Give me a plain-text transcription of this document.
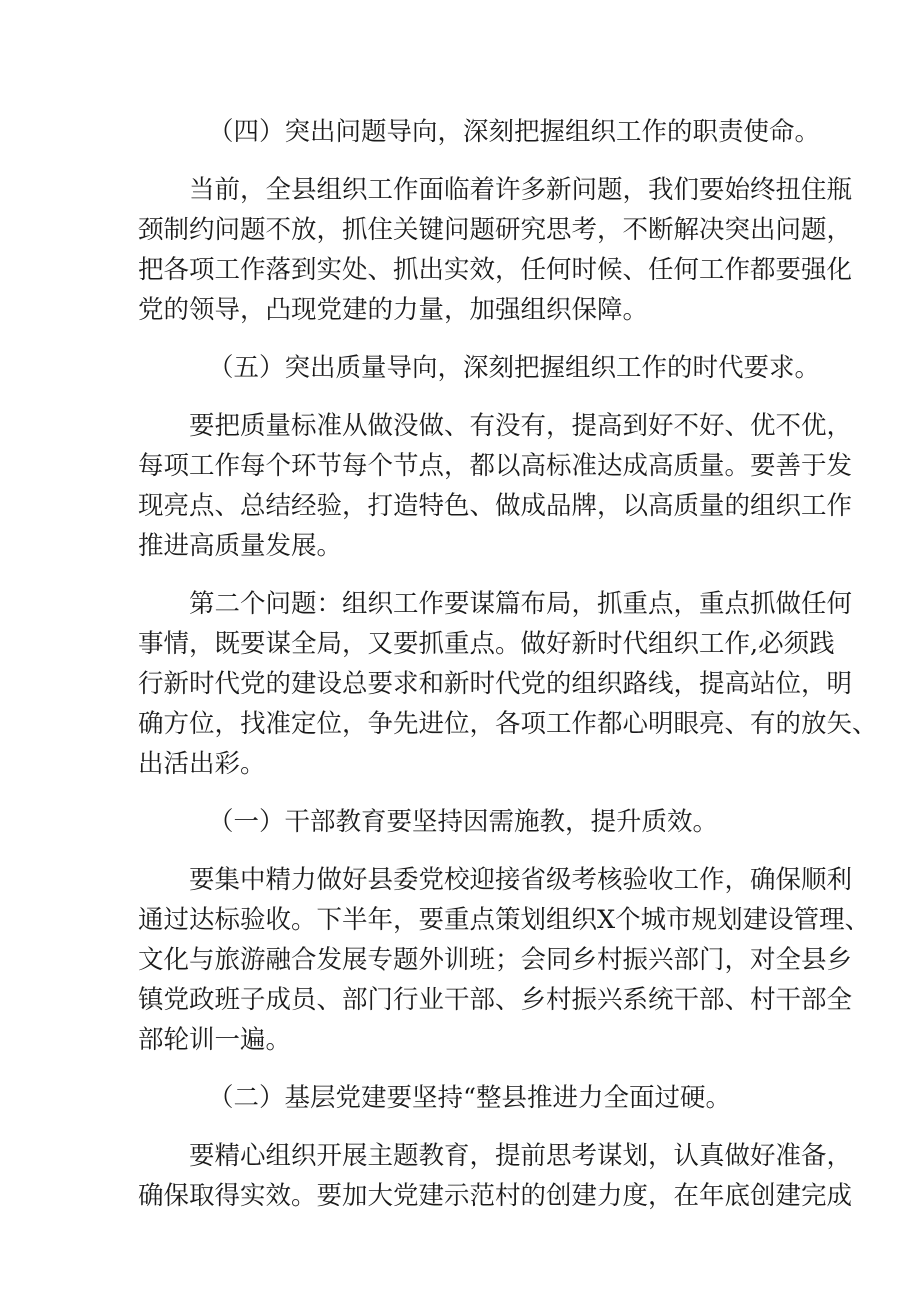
（四）突出问题导向，深刻把握组织工作的职责使命。
当前，全县组织工作面临着许多新问题，我们要始终扭住瓶
颈制约问题不放，抓住关键问题研究思考，不断解决突出问题，
把各项工作落到实处、抓出实效，任何时候、任何工作都要强化
党的领导，凸现党建的力量，加强组织保障。
（五）突出质量导向，深刻把握组织工作的时代要求。
要把质量标准从做没做、有没有，提高到好不好、优不优，
每项工作每个环节每个节点，都以高标准达成高质量。要善于发
现亮点、总结经验，打造特色、做成品牌，以高质量的组织工作
推进高质量发展。
第二个问题：组织工作要谋篇布局，抓重点，重点抓做任何
事情，既要谋全局，又要抓重点。做好新时代组织工作,必须践
行新时代党的建设总要求和新时代党的组织路线，提高站位，明
确方位，找准定位，争先进位，各项工作都心明眼亮、有的放矢、
出活出彩。
（一）干部教育要坚持因需施教，提升质效。
要集中精力做好县委党校迎接省级考核验收工作，确保顺利
通过达标验收。下半年，要重点策划组织X个城市规划建设管理、
文化与旅游融合发展专题外训班；会同乡村振兴部门，对全县乡
镇党政班子成员、部门行业干部、乡村振兴系统干部、村干部全
部轮训一遍。
（二）基层党建要坚持“整县推进力全面过硬。
要精心组织开展主题教育，提前思考谋划，认真做好准备，
确保取得实效。要加大党建示范村的创建力度，在年底创建完成
